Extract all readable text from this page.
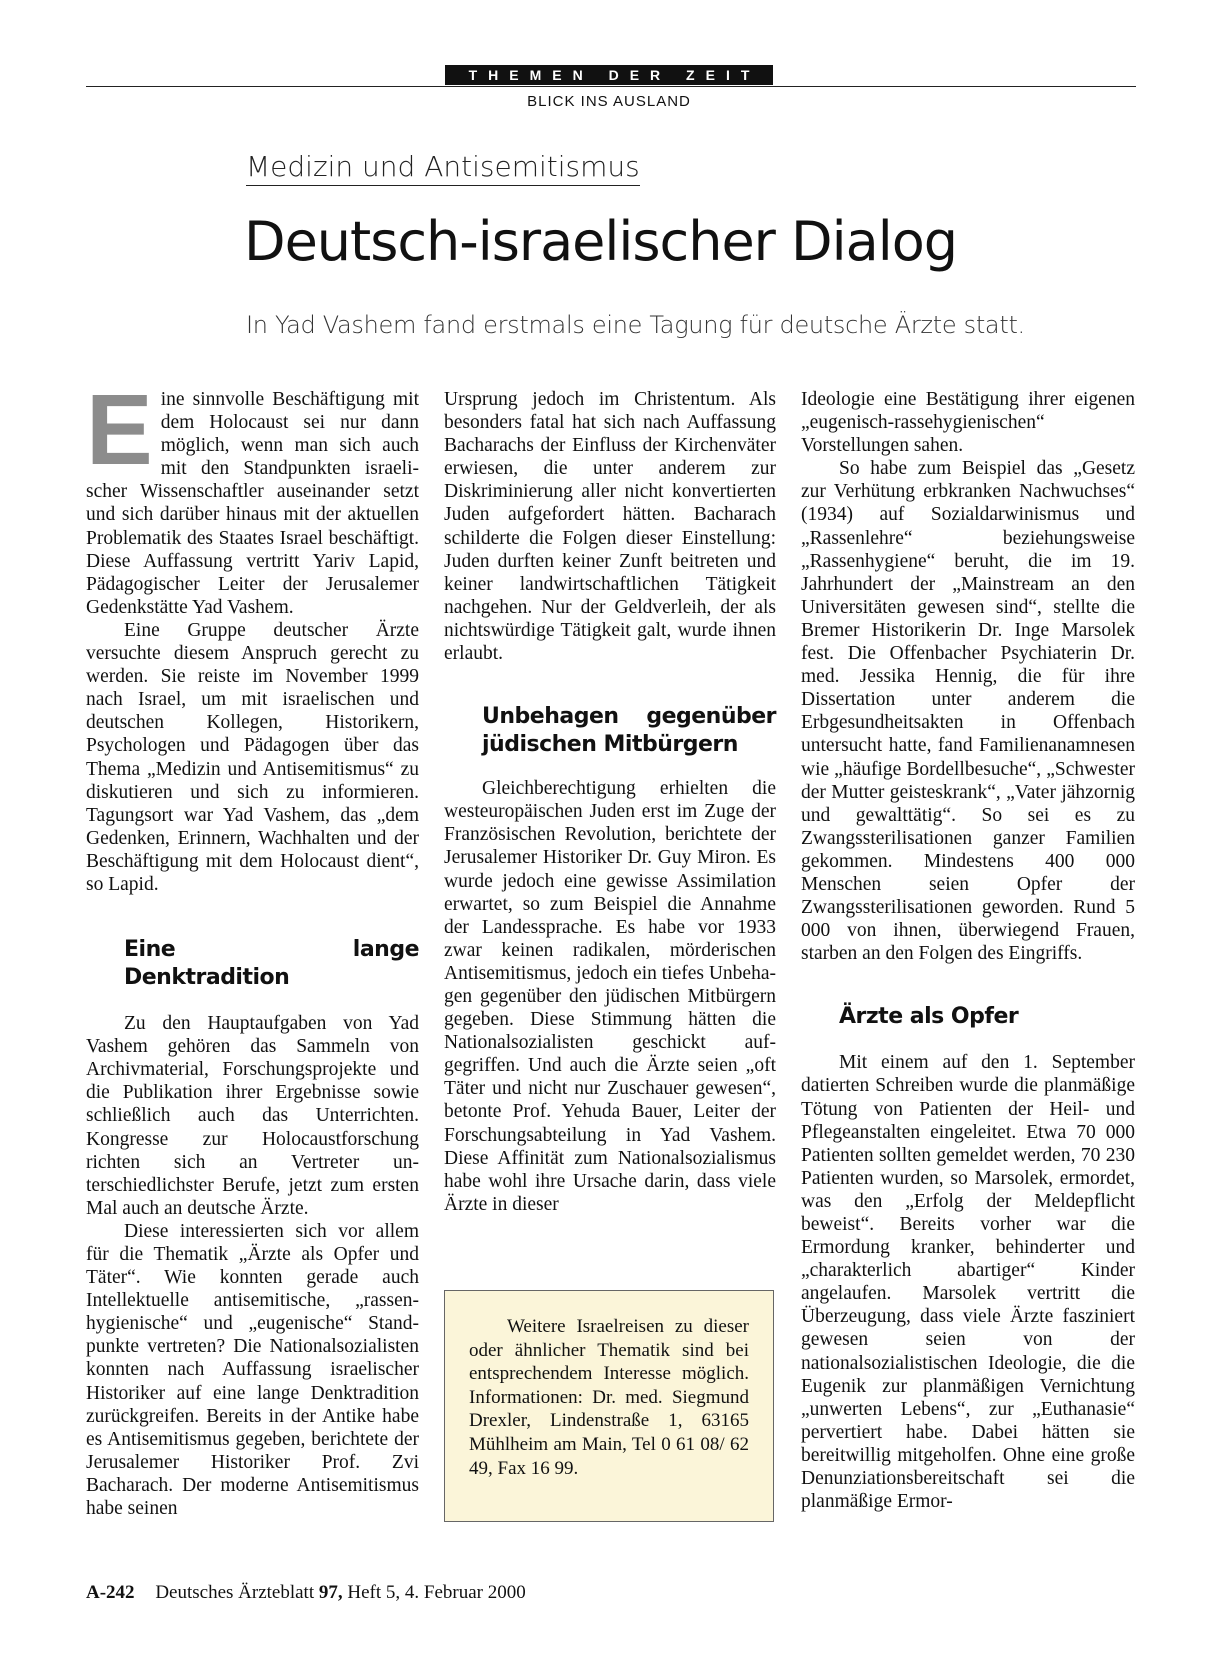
THEMEN DER ZEIT
BLICK INS AUSLAND
Medizin und Antisemitismus
Deutsch-israelischer Dialog
In Yad Vashem fand erstmals eine Tagung für deutsche Ärzte statt.

Eine sinnvolle Beschäftigung mit dem Holocaust sei nur dann möglich, wenn man sich auch mit den Standpunkten israelischer Wissenschaftler auseinander setzt und sich darüber hinaus mit der aktuellen Problematik des Staates Israel beschäftigt. Diese Auffassung vertritt Yariv Lapid, Pädagogischer Leiter der Jerusalemer Gedenkstätte Yad Vashem.

Eine Gruppe deutscher Ärzte versuchte diesem Anspruch gerecht zu werden. Sie reiste im November 1999 nach Israel, um mit israelischen und deutschen Kollegen, Historikern, Psychologen und Pädagogen über das Thema „Medizin und Antisemitismus“ zu diskutieren und sich zu informieren. Tagungsort war Yad Vashem, das „dem Gedenken, Erinnern, Wachhalten und der Beschäftigung mit dem Holocaust dient“, so Lapid.

Eine lange Denktradition

Zu den Hauptaufgaben von Yad Vashem gehören das Sammeln von Archivmaterial, Forschungsprojekte und die Publikation ihrer Ergebnisse sowie schließlich auch das Unterrichten. Kongresse zur Holocaustforschung richten sich an Vertreter unterschiedlichster Berufe, jetzt zum ersten Mal auch an deutsche Ärzte.

Diese interessierten sich vor allem für die Thematik „Ärzte als Opfer und Täter“. Wie konnten gerade auch Intellektuelle antisemitische, „rassenhygienische“ und „eugenische“ Standpunkte vertreten? Die Nationalsozialisten konnten nach Auffassung israelischer Historiker auf eine lange Denktradition zurückgreifen. Bereits in der Antike habe es Antisemitismus gegeben, berichtete der Jerusalemer Historiker Prof. Zvi Bacharach. Der moderne Antisemitismus habe seinen

Ursprung jedoch im Christentum. Als besonders fatal hat sich nach Auffassung Bacharachs der Einfluss der Kirchenväter erwiesen, die unter anderem zur Diskriminierung aller nicht konvertierten Juden aufgefordert hätten. Bacharach schilderte die Folgen dieser Einstellung: Juden durften keiner Zunft beitreten und keiner landwirtschaftlichen Tätigkeit nachgehen. Nur der Geldverleih, der als nichtswürdige Tätigkeit galt, wurde ihnen erlaubt.

Unbehagen gegenüber jüdischen Mitbürgern

Gleichberechtigung erhielten die westeuropäischen Juden erst im Zuge der Französischen Revolution, berichtete der Jerusalemer Historiker Dr. Guy Miron. Es wurde jedoch eine gewisse Assimilation erwartet, so zum Beispiel die Annahme der Landessprache. Es habe vor 1933 zwar keinen radikalen, mörderischen Antisemitismus, jedoch ein tiefes Unbehagen gegenüber den jüdischen Mitbürgern gegeben. Diese Stimmung hätten die Nationalsozialisten geschickt aufgegriffen. Und auch die Ärzte seien „oft Täter und nicht nur Zuschauer gewesen“, betonte Prof. Yehuda Bauer, Leiter der Forschungsabteilung in Yad Vashem. Diese Affinität zum Nationalsozialismus habe wohl ihre Ursache darin, dass viele Ärzte in dieser

Weitere Israelreisen zu dieser oder ähnlicher Thematik sind bei entsprechendem Interesse möglich. Informationen: Dr. med. Siegmund Drexler, Lindenstraße 1, 63165 Mühlheim am Main, Tel 0 61 08/ 62 49, Fax 16 99.

Ideologie eine Bestätigung ihrer eigenen „eugenisch-rassehygienischen“ Vorstellungen sahen.

So habe zum Beispiel das „Gesetz zur Verhütung erbkranken Nachwuchses“ (1934) auf Sozialdarwinismus und „Rassenlehre“ beziehungsweise „Rassenhygiene“ beruht, die im 19. Jahrhundert der „Mainstream an den Universitäten gewesen sind“, stellte die Bremer Historikerin Dr. Inge Marsolek fest. Die Offenbacher Psychiaterin Dr. med. Jessika Hennig, die für ihre Dissertation unter anderem die Erbgesundheitsakten in Offenbach untersucht hatte, fand Familienanamnesen wie „häufige Bordellbesuche“, „Schwester der Mutter geisteskrank“, „Vater jähzornig und gewalttätig“. So sei es zu Zwangssterilisationen ganzer Familien gekommen. Mindestens 400 000 Menschen seien Opfer der Zwangssterilisationen geworden. Rund 5 000 von ihnen, überwiegend Frauen, starben an den Folgen des Eingriffs.

Ärzte als Opfer

Mit einem auf den 1. September datierten Schreiben wurde die planmäßige Tötung von Patienten der Heil- und Pflegeanstalten eingeleitet. Etwa 70 000 Patienten sollten gemeldet werden, 70 230 Patienten wurden, so Marsolek, ermordet, was den „Erfolg der Meldepflicht beweist“. Bereits vorher war die Ermordung kranker, behinderter und „charakterlich abartiger“ Kinder angelaufen. Marsolek vertritt die Überzeugung, dass viele Ärzte fasziniert gewesen seien von der nationalsozialistischen Ideologie, die die Eugenik zur planmäßigen Vernichtung „unwerten Lebens“, zur „Euthanasie“ pervertiert habe. Dabei hätten sie bereitwillig mitgeholfen. Ohne eine große Denunziationsbereitschaft sei die planmäßige Ermor-

A-242 Deutsches Ärzteblatt 97, Heft 5, 4. Februar 2000
